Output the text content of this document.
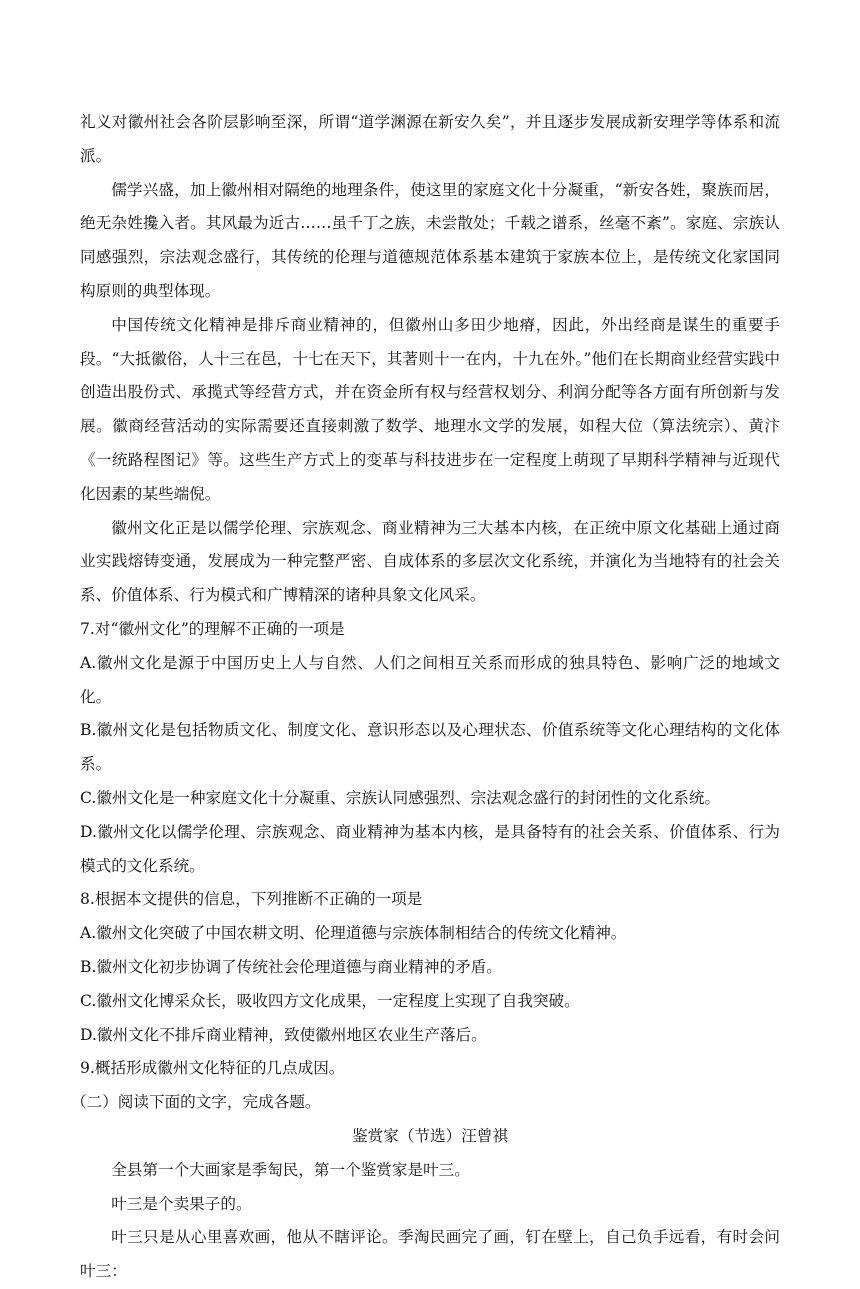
礼义对徽州社会各阶层影响至深，所谓“道学渊源在新安久矣”，并且逐步发展成新安理学等体系和流派。

儒学兴盛，加上徽州相对隔绝的地理条件，使这里的家庭文化十分凝重，“新安各姓，聚族而居，绝无杂姓攙入者。其风最为近古……虽千丁之族，未尝散处；千载之谱系，丝毫不紊”。家庭、宗族认同感强烈，宗法观念盛行，其传统的伦理与道德规范体系基本建筑于家族本位上，是传统文化家国同构原则的典型体现。

中国传统文化精神是排斥商业精神的，但徽州山多田少地瘠，因此，外出经商是谋生的重要手段。“大抵徽俗，人十三在邑，十七在天下，其著则十一在内，十九在外。”他们在长期商业经营实践中创造出股份式、承揽式等经营方式，并在资金所有权与经营权划分、利润分配等各方面有所创新与发展。徽商经营活动的实际需要还直接刺激了数学、地理水文学的发展，如程大位（算法统宗）、黄汴《一统路程图记》等。这些生产方式上的变革与科技进步在一定程度上萌现了早期科学精神与近现代化因素的某些端倪。

徽州文化正是以儒学伦理、宗族观念、商业精神为三大基本内核，在正统中原文化基础上通过商业实践熔铸变通，发展成为一种完整严密、自成体系的多层次文化系统，并演化为当地特有的社会关系、价值体系、行为模式和广博精深的诸种具象文化风采。

7.对“徽州文化”的理解不正确的一项是

A.徽州文化是源于中国历史上人与自然、人们之间相互关系而形成的独具特色、影响广泛的地域文化。

B.徽州文化是包括物质文化、制度文化、意识形态以及心理状态、价值系统等文化心理结构的文化体系。

C.徽州文化是一种家庭文化十分凝重、宗族认同感强烈、宗法观念盛行的封闭性的文化系统。

D.徽州文化以儒学伦理、宗族观念、商业精神为基本内核，是具备特有的社会关系、价值体系、行为模式的文化系统。

8.根据本文提供的信息，下列推断不正确的一项是

A.徽州文化突破了中国农耕文明、伦理道德与宗族体制相结合的传统文化精神。

B.徽州文化初步协调了传统社会伦理道德与商业精神的矛盾。

C.徽州文化博采众长，吸收四方文化成果，一定程度上实现了自我突破。

D.徽州文化不排斥商业精神，致使徽州地区农业生产落后。

9.概括形成徽州文化特征的几点成因。

（二）阅读下面的文字，完成各题。

鉴赏家（节选）汪曾祺

全县第一个大画家是季匋民，第一个鉴赏家是叶三。

叶三是个卖果子的。

叶三只是从心里喜欢画，他从不瞎评论。季淘民画完了画，钉在壁上，自己负手远看，有时会问叶三：
